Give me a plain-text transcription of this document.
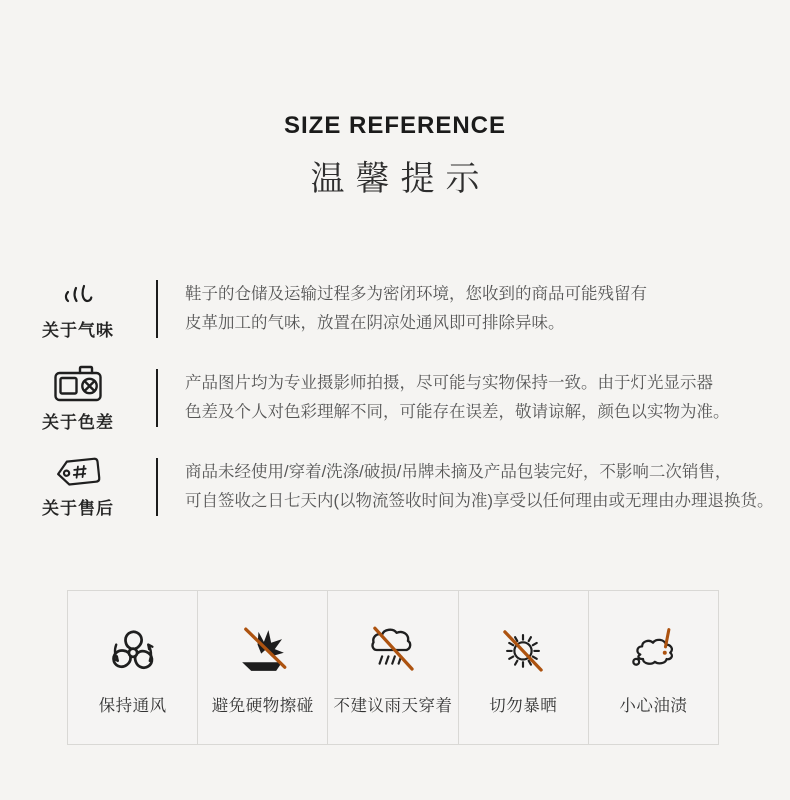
SIZE REFERENCE
温馨提示
关于气味
鞋子的仓储及运输过程多为密闭环境，您收到的商品可能残留有
皮革加工的气味，放置在阴凉处通风即可排除异味。
关于色差
产品图片均为专业摄影师拍摄，尽可能与实物保持一致。由于灯光显示器
色差及个人对色彩理解不同，可能存在误差，敬请谅解，颜色以实物为准。
关于售后
商品未经使用/穿着/洗涤/破损/吊牌未摘及产品包装完好，不影响二次销售，
可自签收之日七天内(以物流签收时间为准)享受以任何理由或无理由办理退换货。
保持通风	避免硬物擦碰 不建议雨天穿着 切勿暴晒	小心油渍
